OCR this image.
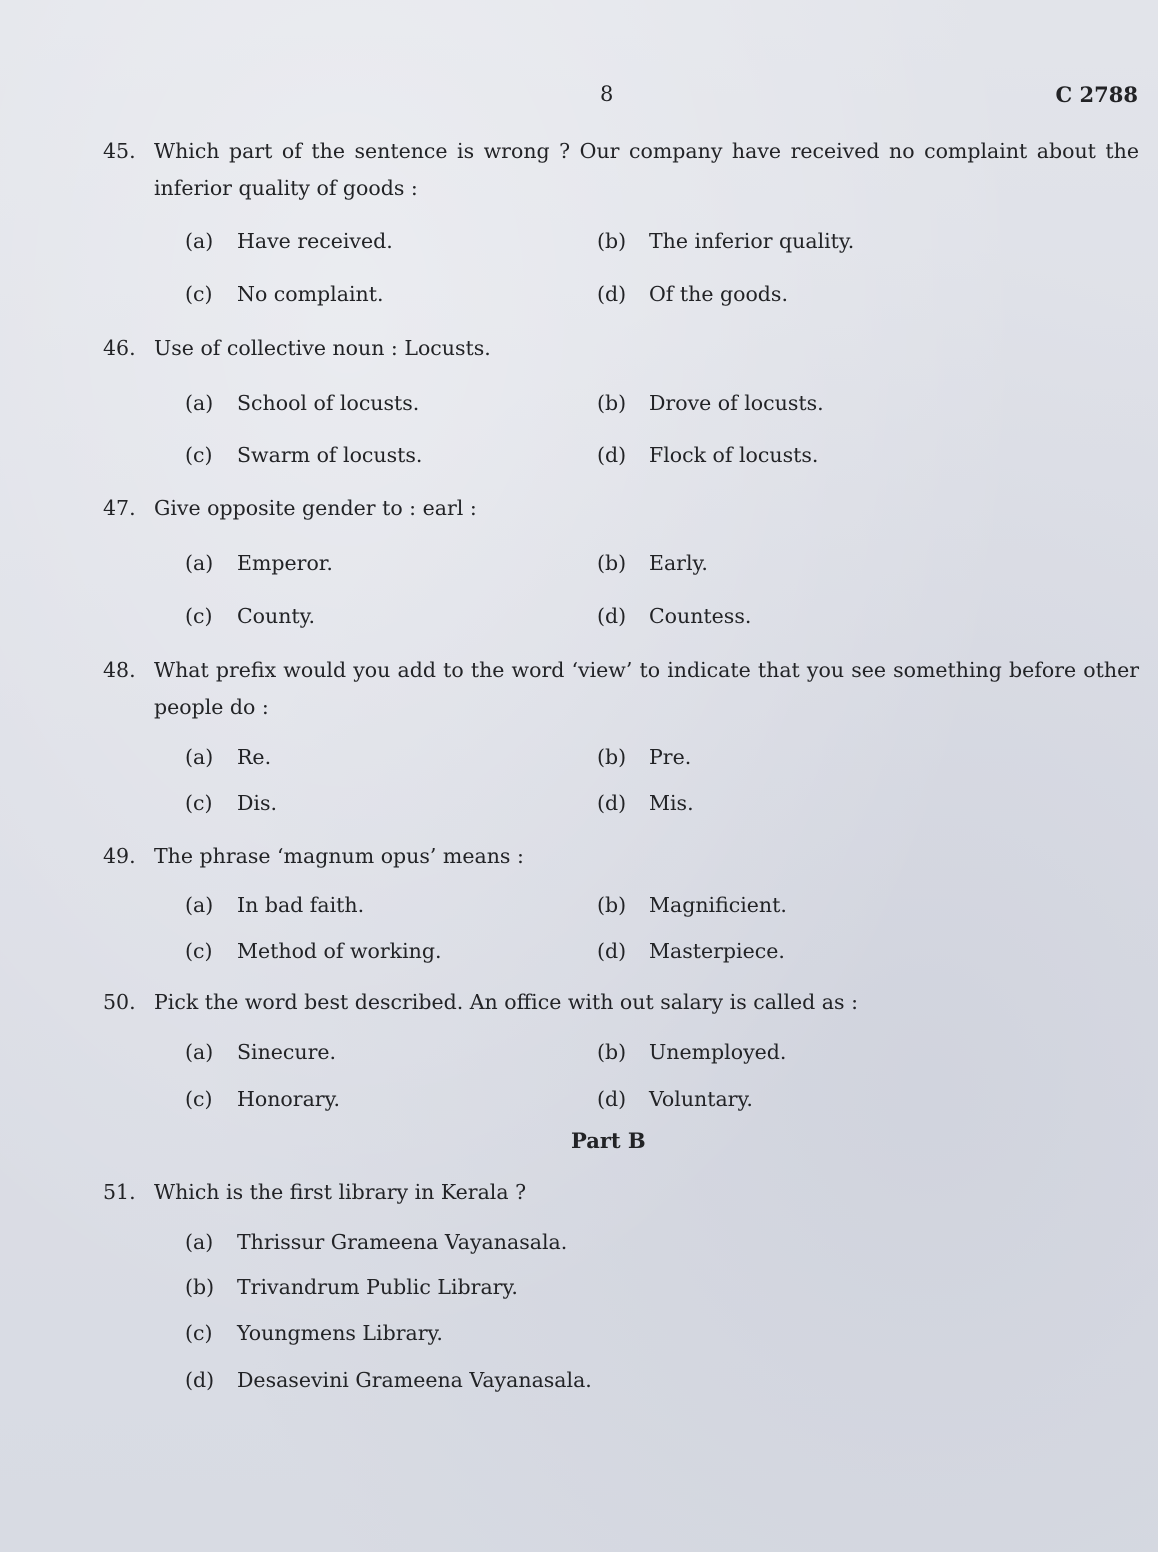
8	C 2788
45. Which part of the sentence is wrong ? Our company have received no complaint about the inferior quality of goods :
(a) Have received.	(b) The inferior quality.
(c) No complaint.	(d) Of the goods.
46. Use of collective noun : Locusts.
(a) School of locusts.	(b) Drove of locusts.
(c) Swarm of locusts.	(d) Flock of locusts.
47. Give opposite gender to : earl :
(a) Emperor.	(b) Early.
(c) County.	(d) Countess.
48. What prefix would you add to the word ‘view’ to indicate that you see something before other people do :
(a) Re.	(b) Pre.
(c) Dis.	(d) Mis.
49. The phrase ‘magnum opus’ means :
(a) In bad faith.	(b) Magnificient.
(c) Method of working.	(d) Masterpiece.
50. Pick the word best described. An office with out salary is called as :
(a) Sinecure.	(b) Unemployed.
(c) Honorary.	(d) Voluntary.
Part B
51. Which is the first library in Kerala ?
(a) Thrissur Grameena Vayanasala.
(b) Trivandrum Public Library.
(c) Youngmens Library.
(d) Desasevini Grameena Vayanasala.
